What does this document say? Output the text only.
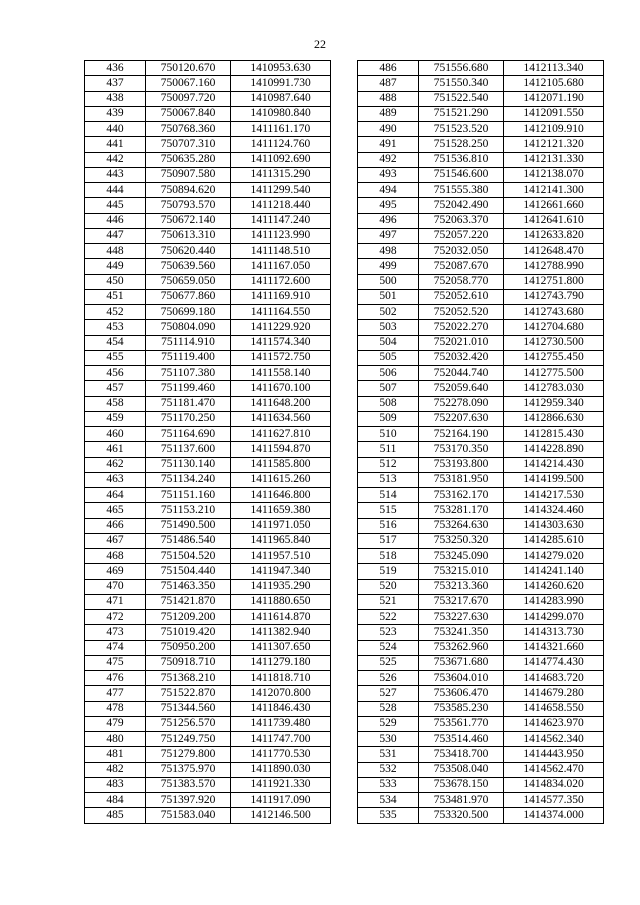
22
436	750120.670	1410953.630
437	750067.160	1410991.730
438	750097.720	1410987.640
439	750067.840	1410980.840
440	750768.360	1411161.170
441	750707.310	1411124.760
442	750635.280	1411092.690
443	750907.580	1411315.290
444	750894.620	1411299.540
445	750793.570	1411218.440
446	750672.140	1411147.240
447	750613.310	1411123.990
448	750620.440	1411148.510
449	750639.560	1411167.050
450	750659.050	1411172.600
451	750677.860	1411169.910
452	750699.180	1411164.550
453	750804.090	1411229.920
454	751114.910	1411574.340
455	751119.400	1411572.750
456	751107.380	1411558.140
457	751199.460	1411670.100
458	751181.470	1411648.200
459	751170.250	1411634.560
460	751164.690	1411627.810
461	751137.600	1411594.870
462	751130.140	1411585.800
463	751134.240	1411615.260
464	751151.160	1411646.800
465	751153.210	1411659.380
466	751490.500	1411971.050
467	751486.540	1411965.840
468	751504.520	1411957.510
469	751504.440	1411947.340
470	751463.350	1411935.290
471	751421.870	1411880.650
472	751209.200	1411614.870
473	751019.420	1411382.940
474	750950.200	1411307.650
475	750918.710	1411279.180
476	751368.210	1411818.710
477	751522.870	1412070.800
478	751344.560	1411846.430
479	751256.570	1411739.480
480	751249.750	1411747.700
481	751279.800	1411770.530
482	751375.970	1411890.030
483	751383.570	1411921.330
484	751397.920	1411917.090
485	751583.040	1412146.500
486	751556.680	1412113.340
487	751550.340	1412105.680
488	751522.540	1412071.190
489	751521.290	1412091.550
490	751523.520	1412109.910
491	751528.250	1412121.320
492	751536.810	1412131.330
493	751546.600	1412138.070
494	751555.380	1412141.300
495	752042.490	1412661.660
496	752063.370	1412641.610
497	752057.220	1412633.820
498	752032.050	1412648.470
499	752087.670	1412788.990
500	752058.770	1412751.800
501	752052.610	1412743.790
502	752052.520	1412743.680
503	752022.270	1412704.680
504	752021.010	1412730.500
505	752032.420	1412755.450
506	752044.740	1412775.500
507	752059.640	1412783.030
508	752278.090	1412959.340
509	752207.630	1412866.630
510	752164.190	1412815.430
511	753170.350	1414228.890
512	753193.800	1414214.430
513	753181.950	1414199.500
514	753162.170	1414217.530
515	753281.170	1414324.460
516	753264.630	1414303.630
517	753250.320	1414285.610
518	753245.090	1414279.020
519	753215.010	1414241.140
520	753213.360	1414260.620
521	753217.670	1414283.990
522	753227.630	1414299.070
523	753241.350	1414313.730
524	753262.960	1414321.660
525	753671.680	1414774.430
526	753604.010	1414683.720
527	753606.470	1414679.280
528	753585.230	1414658.550
529	753561.770	1414623.970
530	753514.460	1414562.340
531	753418.700	1414443.950
532	753508.040	1414562.470
533	753678.150	1414834.020
534	753481.970	1414577.350
535	753320.500	1414374.000
